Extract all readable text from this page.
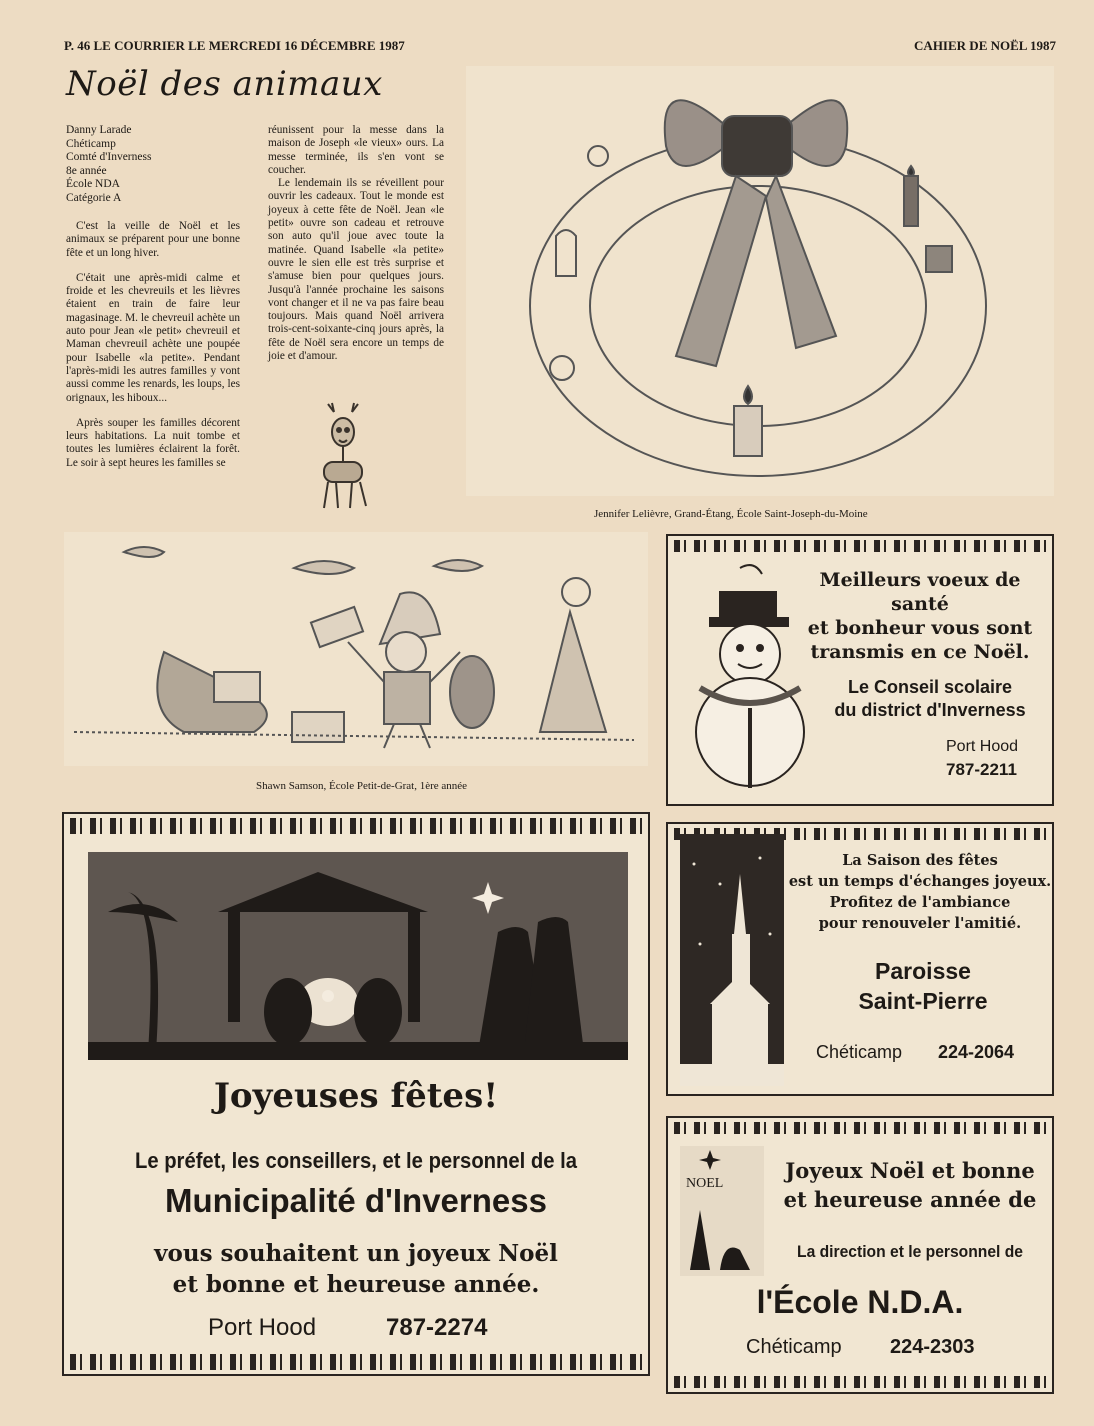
P. 46 LE COURRIER LE MERCREDI 16 DÉCEMBRE 1987	CAHIER DE NOËL 1987
Noël des animaux
Danny Larade
Chéticamp
Comté d'Inverness
8e année
École NDA
Catégorie A

C'est la veille de Noël et les animaux se préparent pour une bonne fête et un long hiver.

C'était une après-midi calme et froide et les chevreuils et les lièvres étaient en train de faire leur magasinage. M. le chevreuil achète un auto pour Jean «le petit» chevreuil et Maman chevreuil achète une poupée pour Isabelle «la petite». Pendant l'après-midi les autres familles y vont aussi comme les renards, les loups, les orignaux, les hiboux...

Après souper les familles décorent leurs habitations. La nuit tombe et toutes les lumières éclairent la forêt. Le soir à sept heures les familles se

réunissent pour la messe dans la maison de Joseph «le vieux» ours. La messe terminée, ils s'en vont se coucher.

Le lendemain ils se réveillent pour ouvrir les cadeaux. Tout le monde est joyeux à cette fête de Noël. Jean «le petit» ouvre son cadeau et retrouve son auto qu'il joue avec toute la matinée. Quand Isabelle «la petite» ouvre le sien elle est très surprise et s'amuse bien pour quelques jours. Jusqu'à l'année prochaine les saisons vont changer et il ne va pas faire beau toujours. Mais quand Noël arrivera trois-cent-soixante-cinq jours après, la fête de Noël sera encore un temps de joie et d'amour.

Jennifer Lelièvre, Grand-Étang, École Saint-Joseph-du-Moine
Shawn Samson, École Petit-de-Grat, 1ère année
Meilleurs voeux de santé
et bonheur vous sont
transmis en ce Noël.
Le Conseil scolaire
du district d'Inverness
Port Hood
787-2211
La Saison des fêtes
est un temps d'échanges joyeux.
Profitez de l'ambiance
pour renouveler l'amitié.
Paroisse
Saint-Pierre
Chéticamp 224-2064
Joyeuses fêtes!
Le préfet, les conseillers, et le personnel de la
Municipalité d'Inverness
vous souhaitent un joyeux Noël
et bonne et heureuse année.
Port Hood	787-2274
NOEL
Joyeux Noël et bonne
et heureuse année de
La direction et le personnel de
l'École N.D.A.
Chéticamp 224-2303
